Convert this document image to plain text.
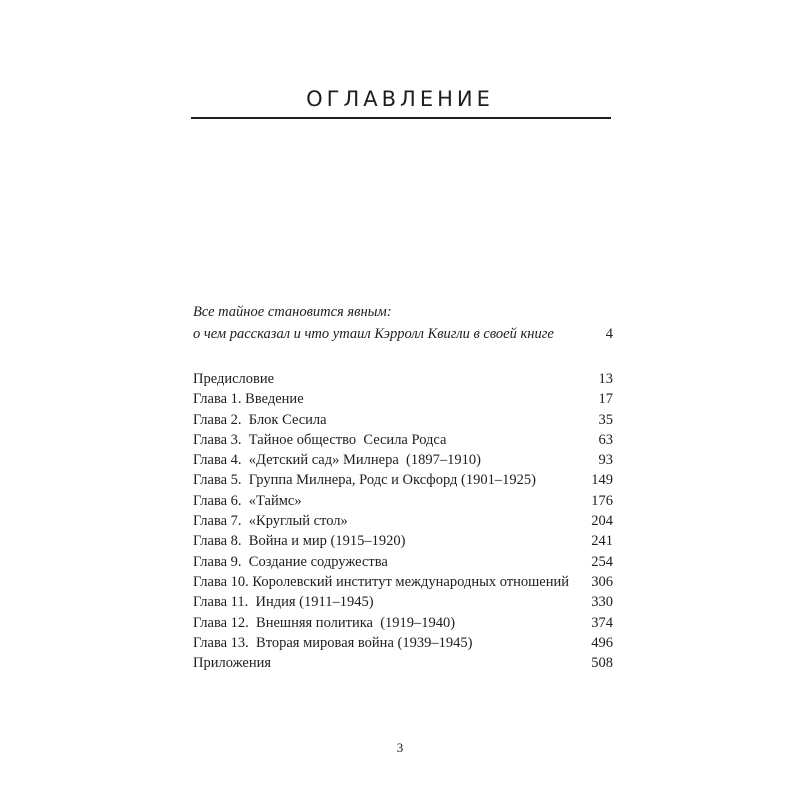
ОГЛАВЛЕНИЕ
Все тайное становится явным:
о чем рассказал и что утаил Кэрролл Квигли в своей книге	4
Предисловие	13
Глава 1. Введение	17
Глава 2.  Блок Сесила	35
Глава 3.  Тайное общество  Сесила Родса	63
Глава 4.  «Детский сад» Милнера  (1897–1910)	93
Глава 5.  Группа Милнера, Родс и Оксфорд (1901–1925)	149
Глава 6.  «Таймс»	176
Глава 7.  «Круглый стол»	204
Глава 8.  Война и мир (1915–1920)	241
Глава 9.  Создание содружества	254
Глава 10. Королевский институт международных отношений 306
Глава 11.  Индия (1911–1945)	330
Глава 12.  Внешняя политика  (1919–1940)	374
Глава 13.  Вторая мировая война (1939–1945)	496
Приложения	508
3
